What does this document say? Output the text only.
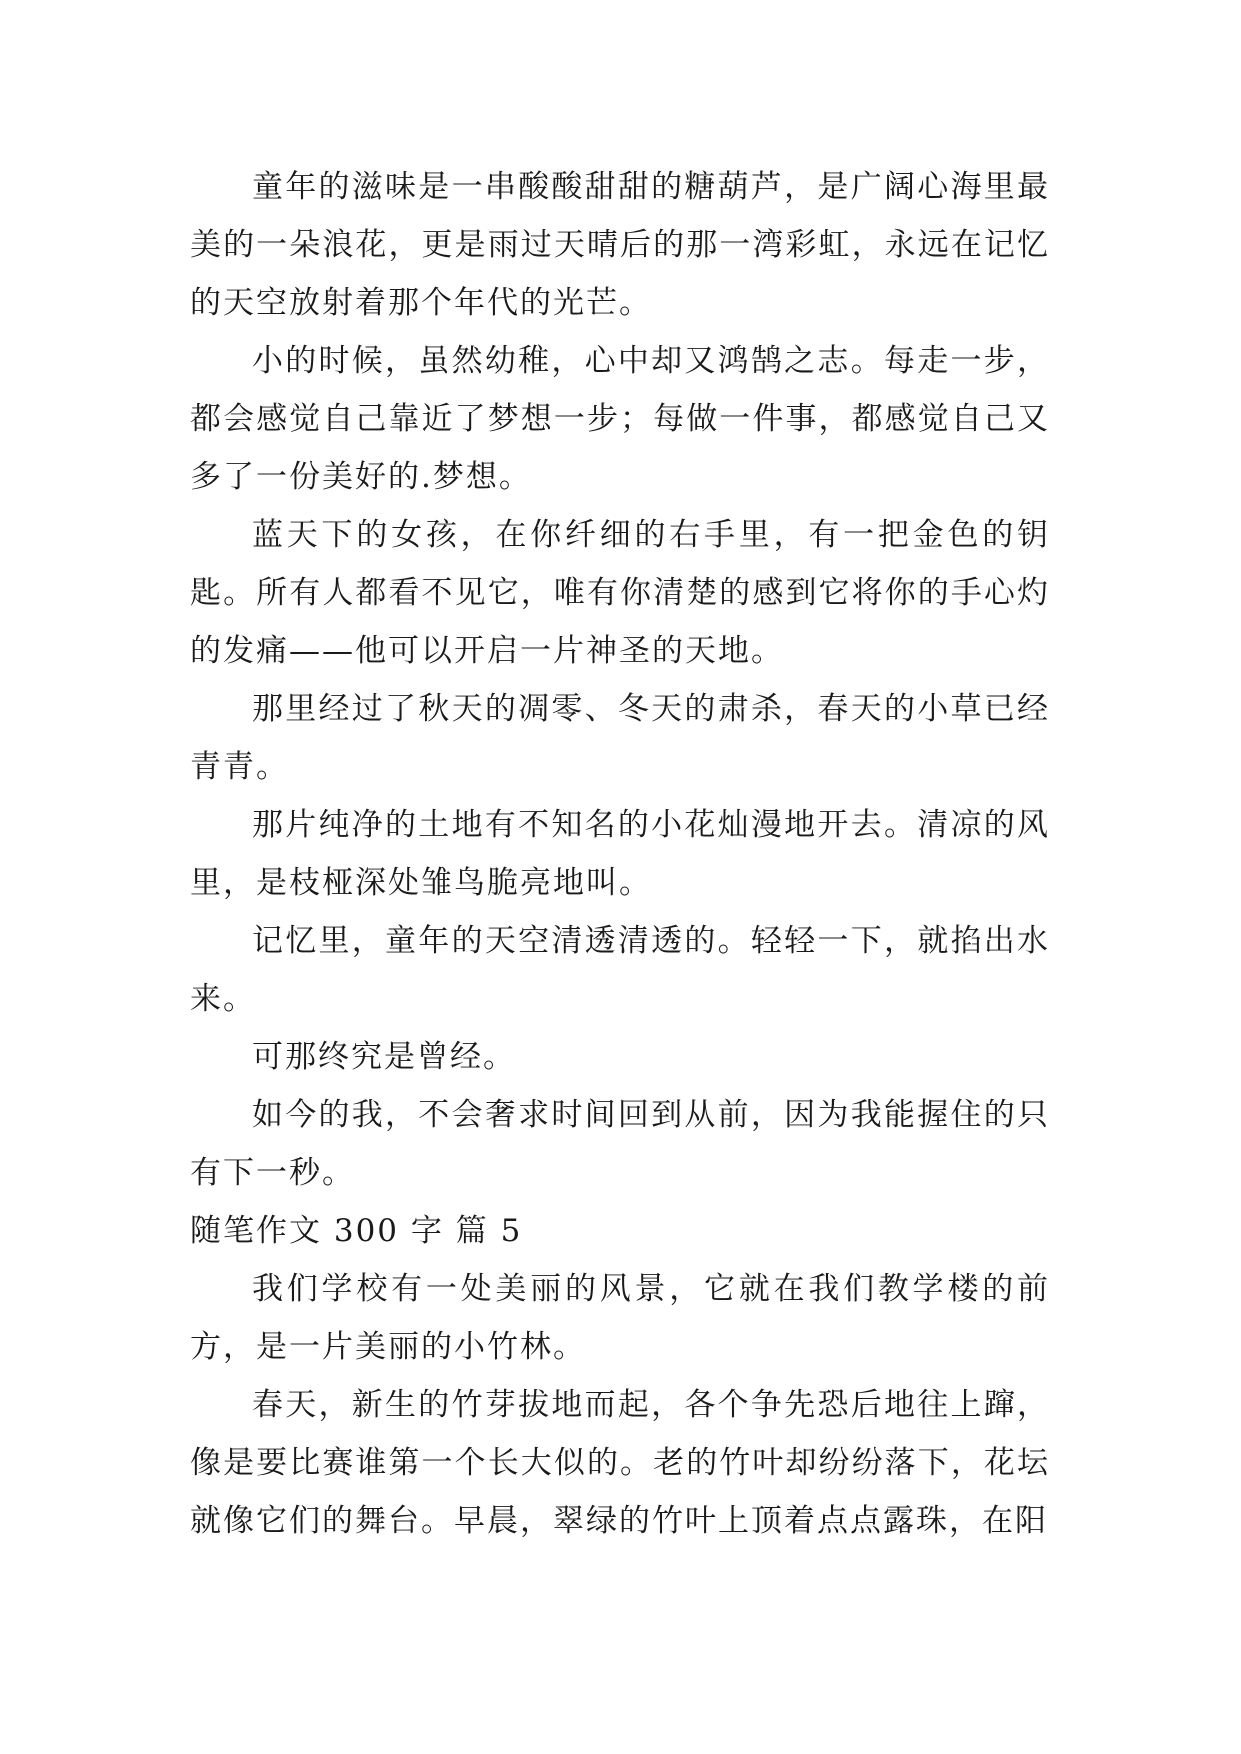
童年的滋味是一串酸酸甜甜的糖葫芦，是广阔心海里最美的一朵浪花，更是雨过天晴后的那一湾彩虹，永远在记忆的天空放射着那个年代的光芒。

小的时候，虽然幼稚，心中却又鸿鹄之志。每走一步，都会感觉自己靠近了梦想一步；每做一件事，都感觉自己又多了一份美好的.梦想。

蓝天下的女孩，在你纤细的右手里，有一把金色的钥匙。所有人都看不见它，唯有你清楚的感到它将你的手心灼的发痛——他可以开启一片神圣的天地。

那里经过了秋天的凋零、冬天的肃杀，春天的小草已经青青。

那片纯净的土地有不知名的小花灿漫地开去。清凉的风里，是枝桠深处雏鸟脆亮地叫。

记忆里，童年的天空清透清透的。轻轻一下，就掐出水来。

可那终究是曾经。

如今的我，不会奢求时间回到从前，因为我能握住的只有下一秒。

随笔作文 300 字 篇 5

我们学校有一处美丽的风景，它就在我们教学楼的前方，是一片美丽的小竹林。

春天，新生的竹芽拔地而起，各个争先恐后地往上蹿，像是要比赛谁第一个长大似的。老的竹叶却纷纷落下，花坛就像它们的舞台。早晨，翠绿的竹叶上顶着点点露珠，在阳
